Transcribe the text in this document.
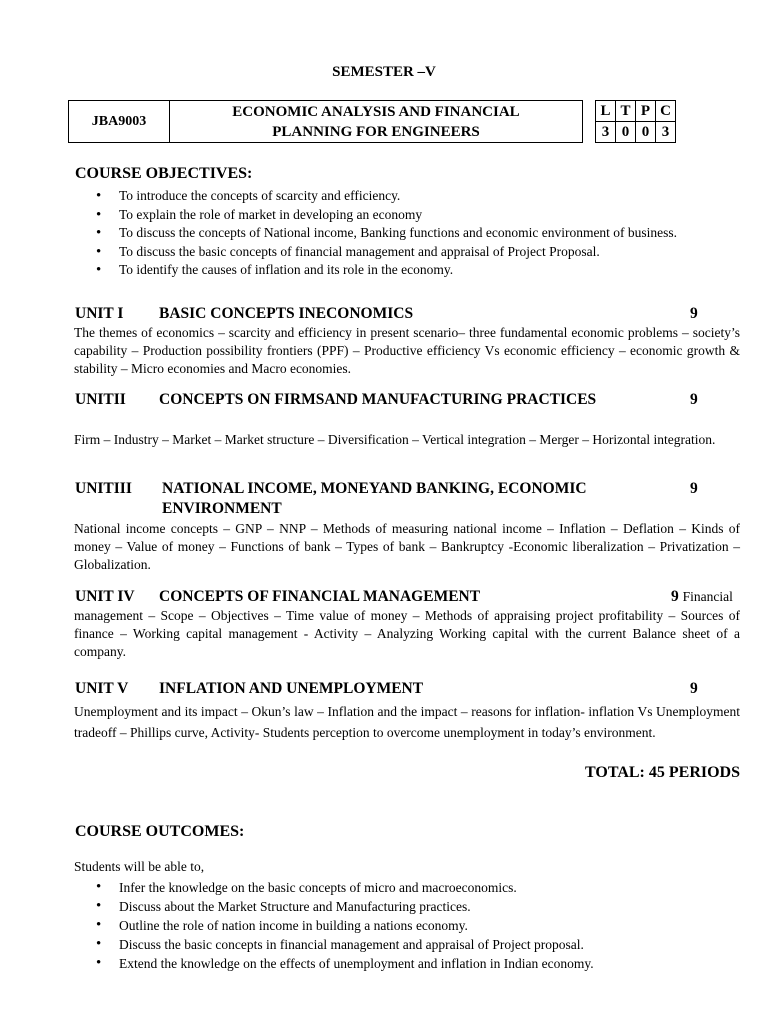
SEMESTER –V
JBA9003	ECONOMIC ANALYSIS AND FINANCIAL
PLANNING FOR ENGINEERS		L	T	P	C
			3	0	0	3
COURSE OBJECTIVES:
• To introduce the concepts of scarcity and efficiency.
• To explain the role of market in developing an economy
• To discuss the concepts of National income, Banking functions and economic environment of business.
• To discuss the basic concepts of financial management and appraisal of Project Proposal.
• To identify the causes of inflation and its role in the economy.
UNIT I BASIC CONCEPTS INECONOMICS	9
The themes of economics – scarcity and efficiency in present scenario– three fundamental economic problems – society’s capability – Production possibility frontiers (PPF) – Productive efficiency Vs economic efficiency – economic growth & stability – Micro economies and Macro economies.
UNITII CONCEPTS ON FIRMSAND MANUFACTURING PRACTICES	9
Firm – Industry – Market – Market structure – Diversification – Vertical integration – Merger – Horizontal integration.
UNITIII NATIONAL INCOME, MONEYAND BANKING, ECONOMIC ENVIRONMENT
9
National income concepts – GNP – NNP – Methods of measuring national income – Inflation – Deflation – Kinds of money – Value of money – Functions of bank – Types of bank – Bankruptcy -Economic liberalization – Privatization – Globalization.
UNIT IV CONCEPTS OF FINANCIAL MANAGEMENT	9 Financial
management – Scope – Objectives – Time value of money – Methods of appraising project profitability – Sources of finance – Working capital management - Activity – Analyzing Working capital with the current Balance sheet of a company.
UNIT V INFLATION AND UNEMPLOYMENT	9
Unemployment and its impact – Okun’s law – Inflation and the impact – reasons for inflation- inflation Vs Unemployment tradeoff – Phillips curve, Activity- Students perception to overcome unemployment in today’s environment.
TOTAL: 45 PERIODS
COURSE OUTCOMES:
Students will be able to,
• Infer the knowledge on the basic concepts of micro and macroeconomics.
• Discuss about the Market Structure and Manufacturing practices.
• Outline the role of nation income in building a nations economy.
• Discuss the basic concepts in financial management and appraisal of Project proposal.
• Extend the knowledge on the effects of unemployment and inflation in Indian economy.
